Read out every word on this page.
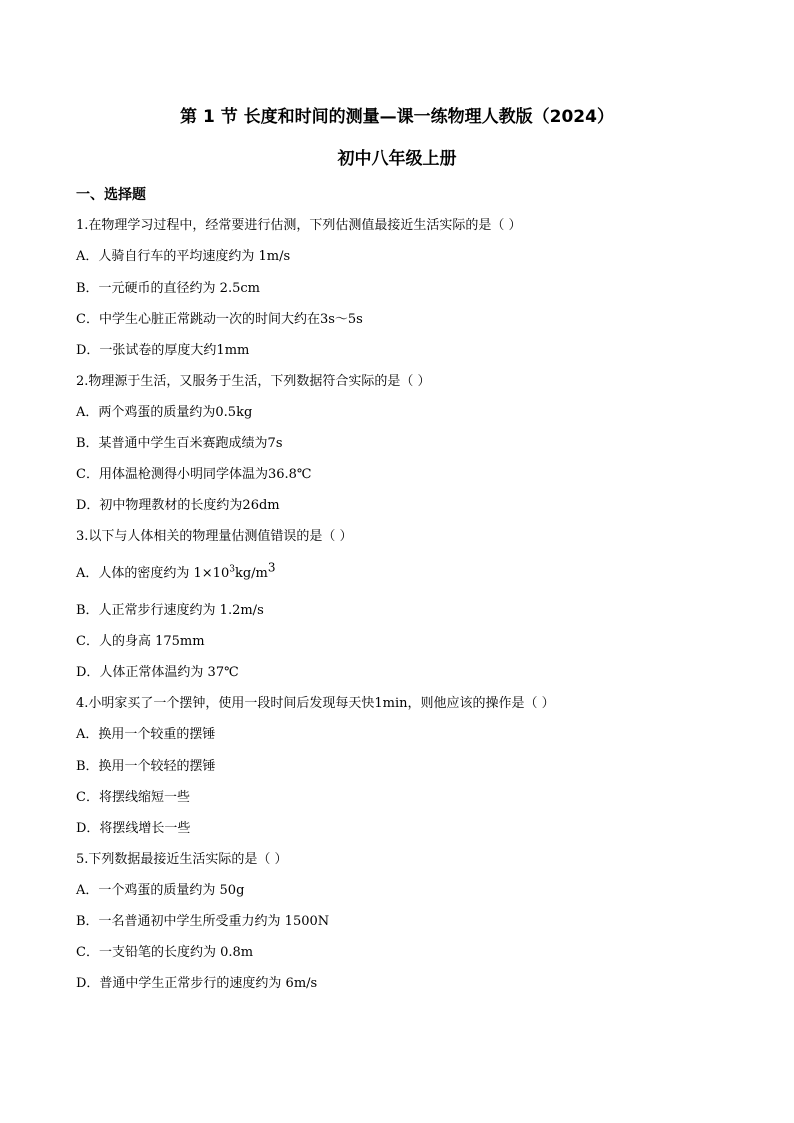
第 1 节 长度和时间的测量—课一练物理人教版（2024）
初中八年级上册
一、选择题
1.在物理学习过程中，经常要进行估测，下列估测值最接近生活实际的是（ ）
A．人骑自行车的平均速度约为 1m/s
B．一元硬币的直径约为 2.5cm
C．中学生心脏正常跳动一次的时间大约在3s～5s
D．一张试卷的厚度大约1mm
2.物理源于生活，又服务于生活，下列数据符合实际的是（ ）
A．两个鸡蛋的质量约为0.5kg
B．某普通中学生百米赛跑成绩为7s
C．用体温枪测得小明同学体温为36.8℃
D．初中物理教材的长度约为26dm
3.以下与人体相关的物理量估测值错误的是（ ）
A．人体的密度约为 $1\times 10^3kg/m^3$
B．人正常步行速度约为 1.2m/s
C．人的身高 175mm
D．人体正常体温约为 37℃
4.小明家买了一个摆钟，使用一段时间后发现每天快1min，则他应该的操作是（ ）
A．换用一个较重的摆锤
B．换用一个较轻的摆锤
C．将摆线缩短一些
D．将摆线增长一些
5.下列数据最接近生活实际的是（ ）
A．一个鸡蛋的质量约为 50g
B．一名普通初中学生所受重力约为 1500N
C．一支铅笔的长度约为 0.8m
D．普通中学生正常步行的速度约为 6m/s
